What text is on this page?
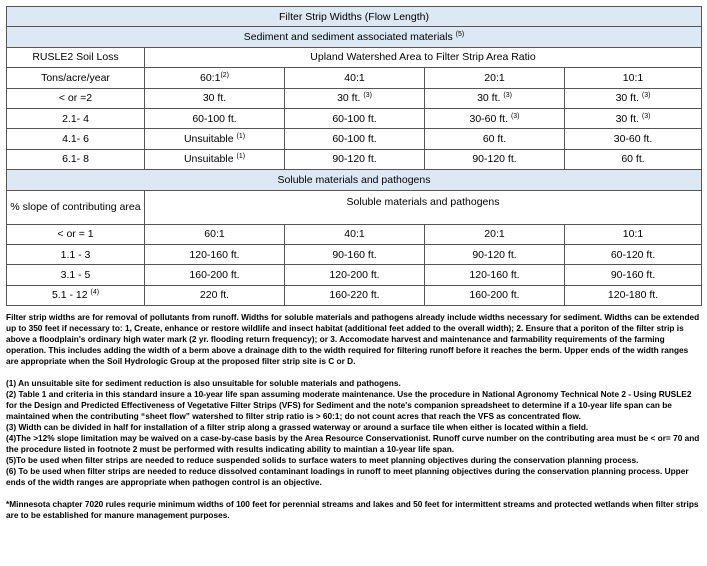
Filter Strip Widths (Flow Length)				
Sediment and sediment associated materials $^{(5)}$
RUSLE2 Soil Loss	Upland Watershed Area to Filter Strip Area Ratio			
Tons/acre/year	60:1$^{(2)}$	40:1	20:1	10:1
< or =2	30 ft.	30 ft. $^{(3)}$	30 ft. $^{(3)}$	30 ft. $^{(3)}$
2.1- 4	60-100 ft.	60-100 ft.	30-60 ft. $^{(3)}$	30 ft. $^{(3)}$
4.1- 6	Unsuitable $^{(1)}$	60-100 ft.	60 ft.	30-60 ft.
6.1- 8	Unsuitable $^{(1)}$	90-120 ft.	90-120 ft.	60 ft.
Soluble materials and pathogens				
% slope of contributing area	Soluble materials and pathogens			
< or = 1	60:1	40:1	20:1	10:1
1.1 - 3	120-160 ft.	90-160 ft.	90-120 ft.	60-120 ft.
3.1 - 5	160-200 ft.	120-200 ft.	120-160 ft.	90-160 ft.
5.1 - 12 $^{(4)}$	220 ft.	160-220 ft.	160-200 ft.	120-180 ft.

Filter strip widths are for removal of pollutants from runoff. Widths for soluble materials and pathogens already include widths necessary for sediment. Widths can be extended up to 350 feet if necessary to: 1, Create, enhance or restore wildlife and insect habitat (additional feet added to the overall width); 2. Ensure that a poriton of the filter strip is above a floodplain's ordinary high water mark (2 yr. flooding return frequency); or 3. Accomodate harvest and maintenance and farmability requirements of the farming operation. This includes adding the width of a berm above a drainage dith to the width required for filtering runoff before it reaches the berm. Upper ends of the width ranges are appropriate when the Soil Hydrologic Group at the proposed filter strip site is C or D.

(1) An unsuitable site for sediment reduction is also unsuitable for soluble materials and pathogens.

(2) Table 1 and criteria in this standard insure a 10-year life span assuming moderate maintenance. Use the procedure in National Agronomy Technical Note 2 - Using RUSLE2 for the Design and Predicted Effectiveness of Vegetative Filter Strips (VFS) for Sediment and the note's companion spreadsheet to determine if a 10-year life span can be maintained when the contributing “sheet flow” watershed to filter strip ratio is > 60:1; do not count acres that reach the VFS as concentrated flow.

(3) Width can be divided in half for installation of a filter strip along a grassed waterway or around a surface tile when either is located within a field.

(4)The >12% slope limitation may be waived on a case-by-case basis by the Area Resource Conservationist. Runoff curve number on the contributing area must be < or= 70 and the procedure listed in footnote 2 must be performed with results indicating ability to maintian a 10-year life span.

(5)To be used when filter strips are needed to reduce suspended solids to surface waters to meet planning objectives during the conservation planning process.

(6) To be used when filter strips are needed to reduce dissolved contaminant loadings in runoff to meet planning objectives during the conservation planning process. Upper ends of the width ranges are appropriate when pathogen control is an objective.

*Minnesota chapter 7020 rules requrie minimum widths of 100 feet for perennial streams and lakes and 50 feet for intermittent streams and protected wetlands when filter strips are to be established for manure management purposes.
